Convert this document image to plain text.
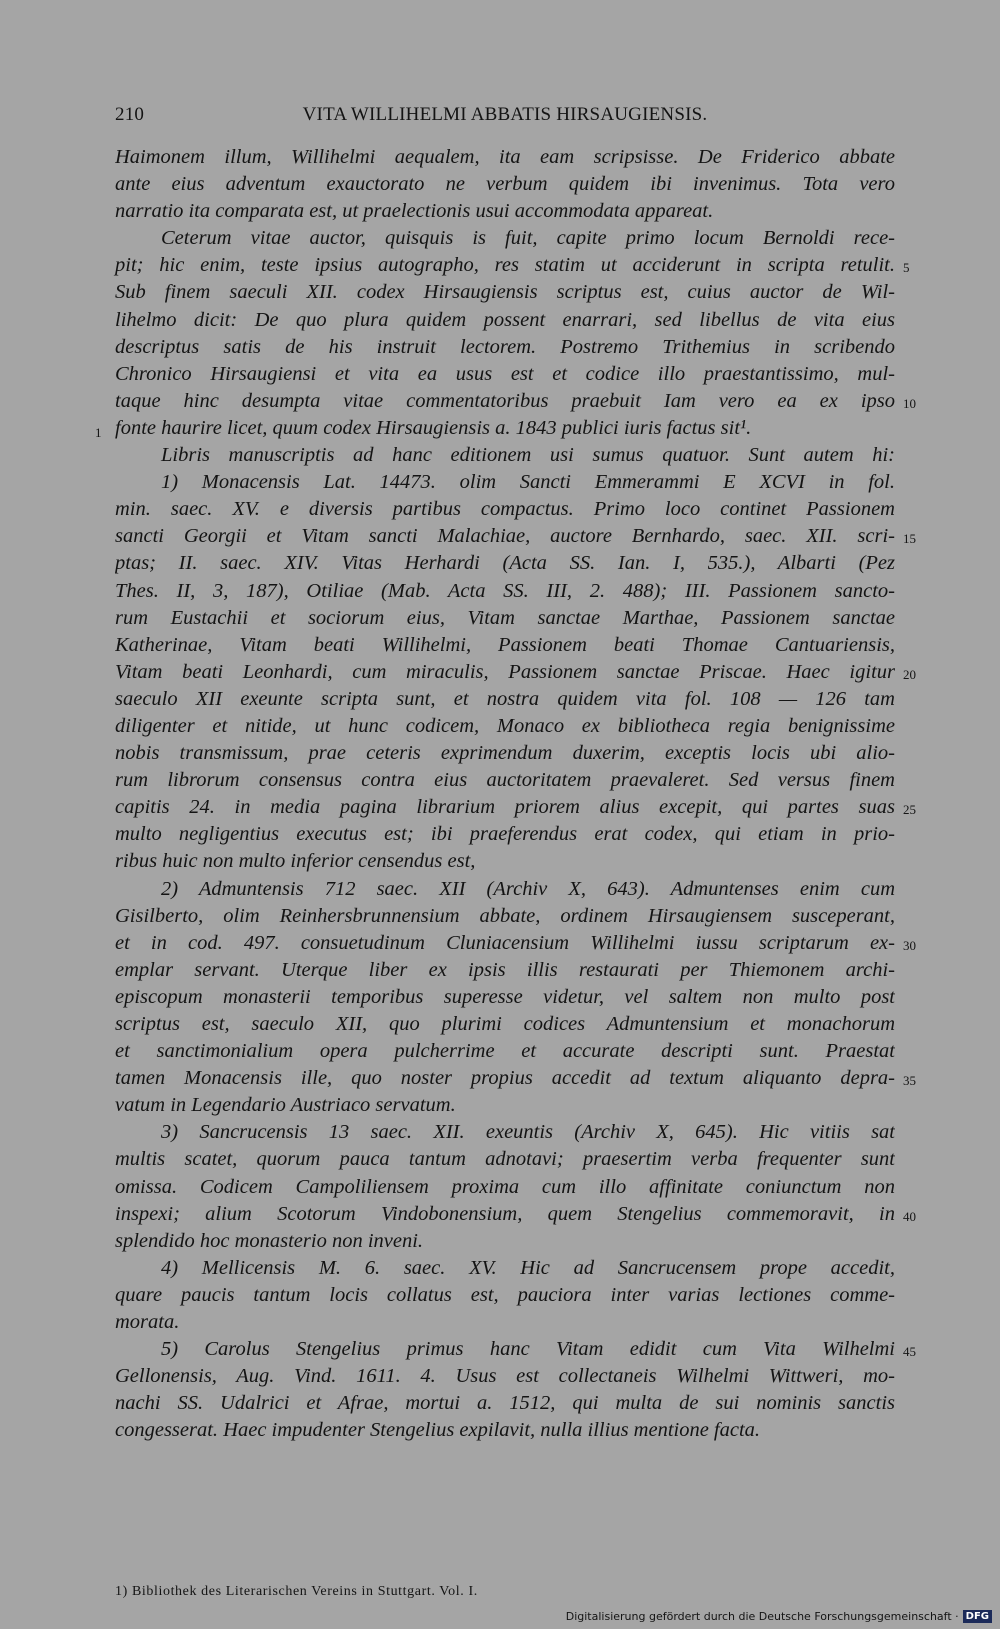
210	VITA WILLIHELMI ABBATIS HIRSAUGIENSIS.
Haimonem illum, Willihelmi aequalem, ita eam scripsisse. De Friderico abbate
ante eius adventum exauctorato ne verbum quidem ibi invenimus. Tota vero
narratio ita comparata est, ut praelectionis usui accommodata appareat.
Ceterum vitae auctor, quisquis is fuit, capite primo locum Bernoldi rece-
pit; hic enim, teste ipsius autographo, res statim ut acciderunt in scripta retulit. 5
Sub finem saeculi XII. codex Hirsaugiensis scriptus est, cuius auctor de Wil-
lihelmo dicit: De quo plura quidem possent enarrari, sed libellus de vita eius
descriptus satis de his instruit lectorem. Postremo Trithemius in scribendo
Chronico Hirsaugiensi et vita ea usus est et codice illo praestantissimo, mul-
taque hinc desumpta vitae commentatoribus praebuit Iam vero ea ex ipso 10
fonte haurire licet, quum codex Hirsaugiensis a. 1843 publici iuris factus sit¹.
1
Libris manuscriptis ad hanc editionem usi sumus quatuor. Sunt autem hi:
1) Monacensis Lat. 14473. olim Sancti Emmerammi E XCVI in fol.
min. saec. XV. e diversis partibus compactus. Primo loco continet Passionem
sancti Georgii et Vitam sancti Malachiae, auctore Bernhardo, saec. XII. scri- 15
ptas; II. saec. XIV. Vitas Herhardi (Acta SS. Ian. I, 535.), Albarti (Pez
Thes. II, 3, 187), Otiliae (Mab. Acta SS. III, 2. 488); III. Passionem sancto-
rum Eustachii et sociorum eius, Vitam sanctae Marthae, Passionem sanctae
Katherinae, Vitam beati Willihelmi, Passionem beati Thomae Cantuariensis,
Vitam beati Leonhardi, cum miraculis, Passionem sanctae Priscae. Haec igitur 20
saeculo XII exeunte scripta sunt, et nostra quidem vita fol. 108 — 126 tam
diligenter et nitide, ut hunc codicem, Monaco ex bibliotheca regia benignissime
nobis transmissum, prae ceteris exprimendum duxerim, exceptis locis ubi alio-
rum librorum consensus contra eius auctoritatem praevaleret. Sed versus finem
capitis 24. in media pagina librarium priorem alius excepit, qui partes suas 25
multo negligentius executus est; ibi praeferendus erat codex, qui etiam in prio-
ribus huic non multo inferior censendus est,
2) Admuntensis 712 saec. XII (Archiv X, 643). Admuntenses enim cum
Gisilberto, olim Reinhersbrunnensium abbate, ordinem Hirsaugiensem susceperant,
et in cod. 497. consuetudinum Cluniacensium Willihelmi iussu scriptarum ex- 30
emplar servant. Uterque liber ex ipsis illis restaurati per Thiemonem archi-
episcopum monasterii temporibus superesse videtur, vel saltem non multo post
scriptus est, saeculo XII, quo plurimi codices Admuntensium et monachorum
et sanctimonialium opera pulcherrime et accurate descripti sunt. Praestat
tamen Monacensis ille, quo noster propius accedit ad textum aliquanto depra- 35
vatum in Legendario Austriaco servatum.
3) Sancrucensis 13 saec. XII. exeuntis (Archiv X, 645). Hic vitiis sat
multis scatet, quorum pauca tantum adnotavi; praesertim verba frequenter sunt
omissa. Codicem Campoliliensem proxima cum illo affinitate coniunctum non
inspexi; alium Scotorum Vindobonensium, quem Stengelius commemoravit, in 40
splendido hoc monasterio non inveni.
4) Mellicensis M. 6. saec. XV. Hic ad Sancrucensem prope accedit,
quare paucis tantum locis collatus est, pauciora inter varias lectiones comme-
morata.
5) Carolus Stengelius primus hanc Vitam edidit cum Vita Wilhelmi 45
Gellonensis, Aug. Vind. 1611. 4. Usus est collectaneis Wilhelmi Wittweri, mo-
nachi SS. Udalrici et Afrae, mortui a. 1512, qui multa de sui nominis sanctis
congesserat. Haec impudenter Stengelius expilavit, nulla illius mentione facta.
1) Bibliothek des Literarischen Vereins in Stuttgart. Vol. I.
Digitalisierung gefördert durch die Deutsche Forschungsgemeinschaft · DFG
